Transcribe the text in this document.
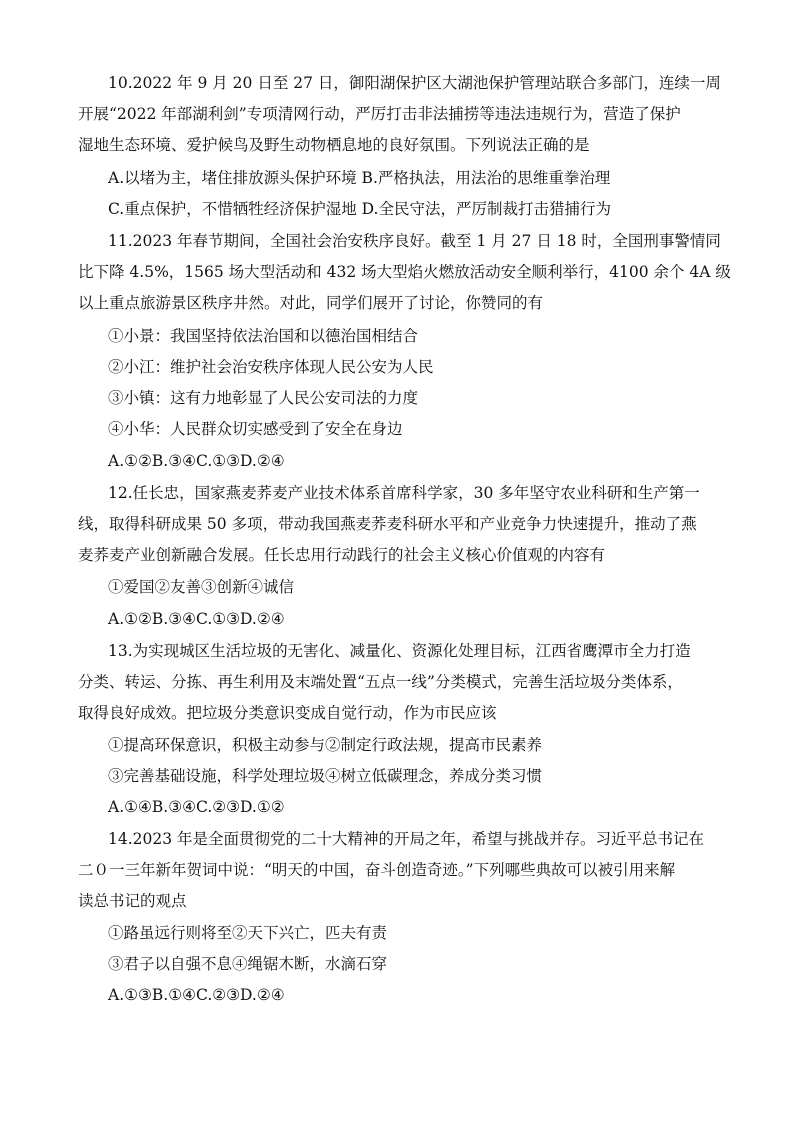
10.2022 年 9 月 20 日至 27 日，御阳湖保护区大湖池保护管理站联合多部门，连续一周
开展“2022 年部湖利剑”专项清网行动，严厉打击非法捕捞等违法违规行为，营造了保护
湿地生态环境、爱护候鸟及野生动物栖息地的良好氛围。下列说法正确的是
A.以堵为主，堵住排放源头保护环境 B.严格执法，用法治的思维重拳治理
C.重点保护，不惜牺牲经济保护湿地 D.全民守法，严厉制裁打击猎捕行为
11.2023 年春节期间，全国社会治安秩序良好。截至 1 月 27 日 18 时，全国刑事警情同
比下降 4.5%，1565 场大型活动和 432 场大型焰火燃放活动安全顺利举行，4100 余个 4A 级
以上重点旅游景区秩序井然。对此，同学们展开了讨论，你赞同的有
①小景：我国坚持依法治国和以德治国相结合
②小江：维护社会治安秩序体现人民公安为人民
③小镇：这有力地彰显了人民公安司法的力度
④小华：人民群众切实感受到了安全在身边
A.①②B.③④C.①③D.②④
12.任长忠，国家燕麦荞麦产业技术体系首席科学家，30 多年坚守农业科研和生产第一
线，取得科研成果 50 多项，带动我国燕麦荞麦科研水平和产业竞争力快速提升，推动了燕
麦荞麦产业创新融合发展。任长忠用行动践行的社会主义核心价值观的内容有
①爱国②友善③创新④诚信
A.①②B.③④C.①③D.②④
13.为实现城区生活垃圾的无害化、减量化、资源化处理目标，江西省鹰潭市全力打造
分类、转运、分拣、再生利用及末端处置“五点一线”分类模式，完善生活垃圾分类体系，
取得良好成效。把垃圾分类意识变成自觉行动，作为市民应该
①提高环保意识，积极主动参与②制定行政法规，提高市民素养
③完善基础设施，科学处理垃圾④树立低碳理念，养成分类习惯
A.①④B.③④C.②③D.①②
14.2023 年是全面贯彻党的二十大精神的开局之年，希望与挑战并存。习近平总书记在
二０一三年新年贺词中说：“明天的中国，奋斗创造奇迹。”下列哪些典故可以被引用来解
读总书记的观点
①路虽远行则将至②天下兴亡，匹夫有责
③君子以自强不息④绳锯木断，水滴石穿
A.①③B.①④C.②③D.②④
